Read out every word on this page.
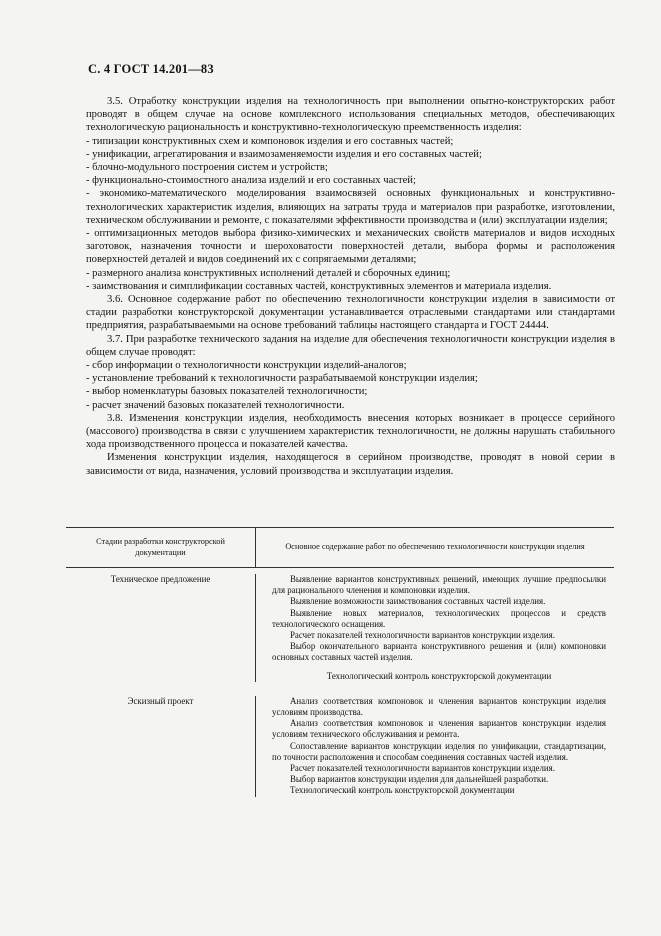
С. 4 ГОСТ 14.201—83

3.5. Отработку конструкции изделия на технологичность при выполнении опытно-конструкторских работ проводят в общем случае на основе комплексного использования специальных методов, обеспечивающих технологическую рациональность и конструктивно-технологическую преемственность изделия:

- типизации конструктивных схем и компоновок изделия и его составных частей;

- унификации, агрегатирования и взаимозаменяемости изделия и его составных частей;

- блочно-модульного построения систем и устройств;

- функционально-стоимостного анализа изделий и его составных частей;

- экономико-математического моделирования взаимосвязей основных функциональных и конструктивно-технологических характеристик изделия, влияющих на затраты труда и материалов при разработке, изготовлении, техническом обслуживании и ремонте, с показателями эффективности производства и (или) эксплуатации изделия;

- оптимизационных методов выбора физико-химических и механических свойств материалов и видов исходных заготовок, назначения точности и шероховатости поверхностей детали, выбора формы и расположения поверхностей деталей и видов соединений их с сопрягаемыми деталями;

- размерного анализа конструктивных исполнений деталей и сборочных единиц;

- заимствования и симплификации составных частей, конструктивных элементов и материала изделия.

3.6. Основное содержание работ по обеспечению технологичности конструкции изделия в зависимости от стадии разработки конструкторской документации устанавливается отраслевыми стандартами или стандартами предприятия, разрабатываемыми на основе требований таблицы настоящего стандарта и ГОСТ 24444.

3.7. При разработке технического задания на изделие для обеспечения технологичности конструкции изделия в общем случае проводят:

- сбор информации о технологичности конструкции изделий-аналогов;

- установление требований к технологичности разрабатываемой конструкции изделия;

- выбор номенклатуры базовых показателей технологичности;

- расчет значений базовых показателей технологичности.

3.8. Изменения конструкции изделия, необходимость внесения которых возникает в процессе серийного (массового) производства в связи с улучшением характеристик технологичности, не должны нарушать стабильного хода производственного процесса и показателей качества.

Изменения конструкции изделия, находящегося в серийном производстве, проводят в новой серии в зависимости от вида, назначения, условий производства и эксплуатации изделия.

Стадии разработки конструкторской документации
Основное содержание работ по обеспечению технологичности конструкции изделия
Техническое предложение	Выявление вариантов конструктивных решений, имеющих лучшие предпосылки для рационального членения и компоновки изделия.

Выявление возможности заимствования составных частей изделия.

Выявление новых материалов, технологических процессов и средств технологического оснащения.

Расчет показателей технологичности вариантов конструкции изделия.

Выбор окончательного варианта конструктивного решения и (или) компоновки основных составных частей изделия.

Технологический контроль конструкторской документации

Эскизный проект	Анализ соответствия компоновок и членения вариантов конструкции изделия условиям производства.

Анализ соответствия компоновок и членения вариантов конструкции изделия условиям технического обслуживания и ремонта.

Сопоставление вариантов конструкции изделия по унификации, стандартизации, по точности расположения и способам соединения составных частей изделия.

Расчет показателей технологичности вариантов конструкции изделия.

Выбор вариантов конструкции изделия для дальнейшей разработки.

Технологический контроль конструкторской документации
